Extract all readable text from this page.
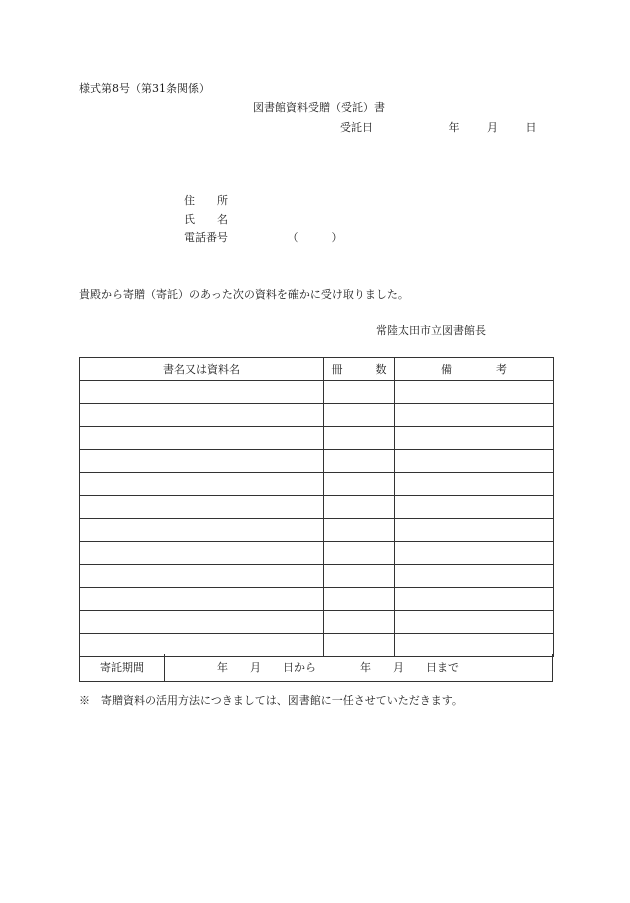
様式第8号（第31条関係）
図書館資料受贈（受託）書
受託日	年	月	日
住　　所
氏　　名
電話番号	（　　　）
貴殿から寄贈（寄託）のあった次の資料を確かに受け取りました。
常陸太田市立図書館長
書名又は資料名	冊　　　数	備　　　　考

寄託期間	年　　月　　日から　　　　年　　月　　日まで
※　寄贈資料の活用方法につきましては、図書館に一任させていただきます。
